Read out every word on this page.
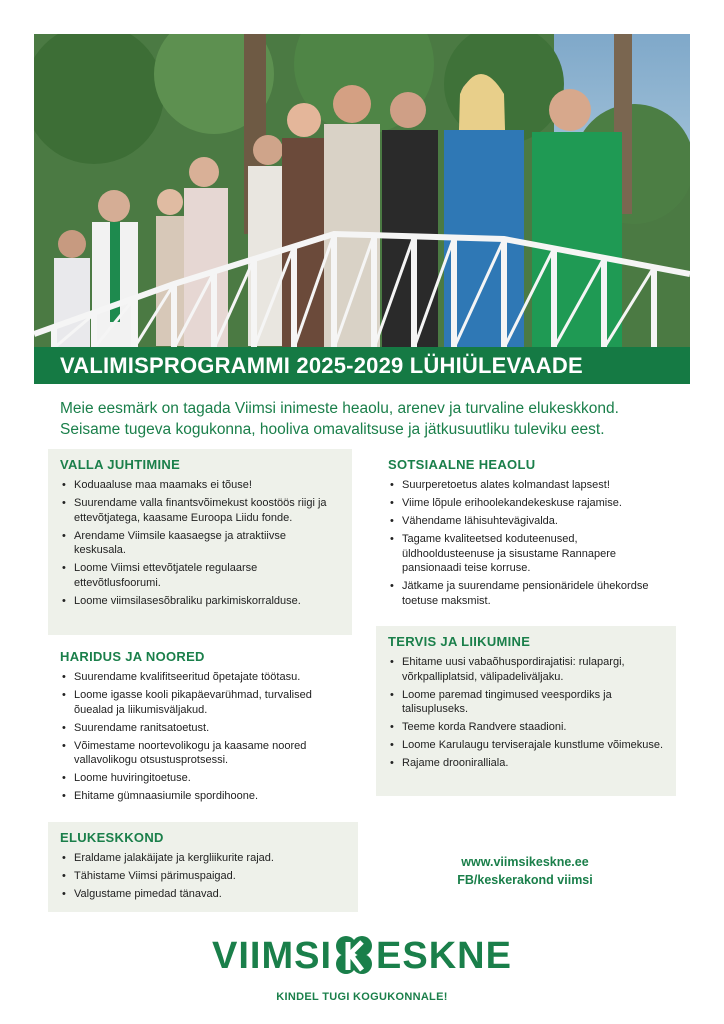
VALIMISPROGRAMMI 2025-2029 LÜHIÜLEVAADE
Meie eesmärk on tagada Viimsi inimeste heaolu, arenev ja turvaline elukeskkond.
Seisame tugeva kogukonna, hooliva omavalitsuse ja jätkusuutliku tuleviku eest.
VALLA JUHTIMINE
• Koduaaluse maa maamaks ei tõuse!
• Suurendame valla finantsvõimekust koostöös riigi ja ettevõtjatega, kaasame Euroopa Liidu fonde.
• Arendame Viimsile kaasaegse ja atraktiivse keskusala.
• Loome Viimsi ettevõtjatele regulaarse ettevõtlusfoorumi.
• Loome viimsilasesõbraliku parkimiskorralduse.
HARIDUS JA NOORED
• Suurendame kvalifitseeritud õpetajate töötasu.
• Loome igasse kooli pikapäevarühmad, turvalised õuealad ja liikumisväljakud.
• Suurendame ranitsatoetust.
• Võimestame noortevolikogu ja kaasame noored vallavolikogu otsustusprotsessi.
• Loome huviringitoetuse.
• Ehitame gümnaasiumile spordihoone.
ELUKESKKOND
• Eraldame jalakäijate ja kergliikurite rajad.
• Tähistame Viimsi pärimuspaigad.
• Valgustame pimedad tänavad.
SOTSIAALNE HEAOLU
• Suurperetoetus alates kolmandast lapsest!
• Viime lõpule erihoolekandekeskuse rajamise.
• Vähendame lähisuhtevägivalda.
• Tagame kvaliteetsed koduteenused, üldhooldusteenuse ja sisustame Rannapere pansionaadi teise korruse.
• Jätkame ja suurendame pensionäridele ühekordse toetuse maksmist.
TERVIS JA LIIKUMINE
• Ehitame uusi vabaõhuspordirajatisi: rulapargi, võrkpalliplatsid, välipadeliväljaku.
• Loome paremad tingimused veespordiks ja talisupluseks.
• Teeme korda Randvere staadioni.
• Loome Karulaugu terviserajale kunstlume võimekuse.
• Rajame drooniralliala.
www.viimsikeskne.ee
FB/keskerakond viimsi
VIIMSI ESKNE
KINDEL TUGI KOGUKONNALE!
